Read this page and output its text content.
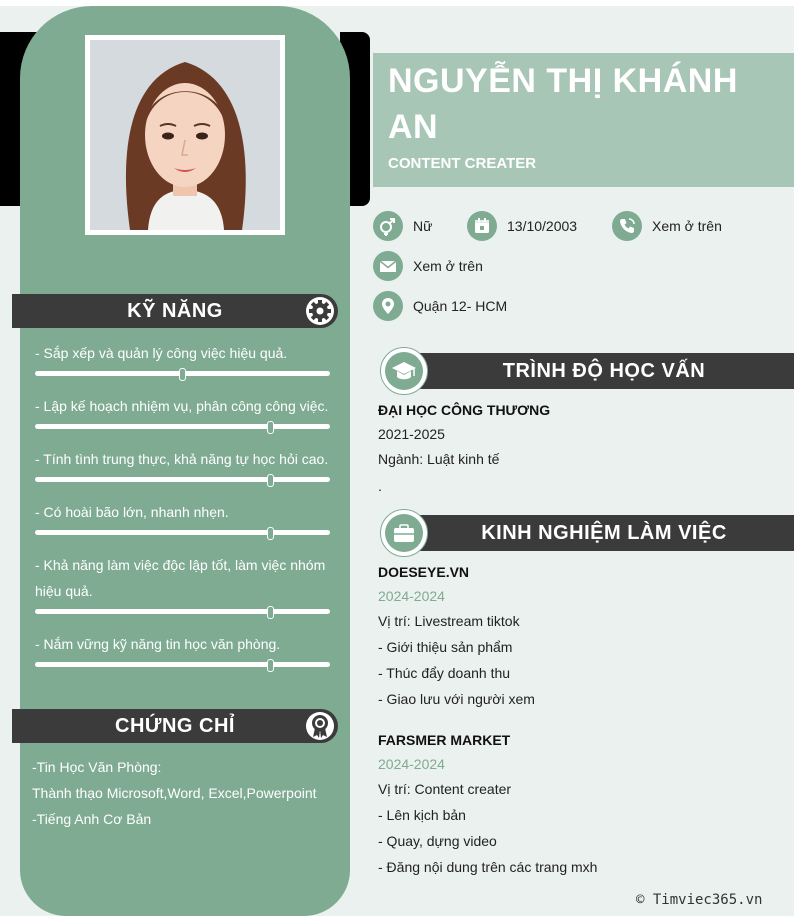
KỸ NĂNG
- Sắp xếp và quản lý công việc hiệu quả.
- Lập kế hoạch nhiệm vụ, phân công công việc.
- Tính tình trung thực, khả năng tự học hỏi cao.
- Có hoài bão lớn, nhanh nhẹn.
- Khả năng làm việc độc lập tốt, làm việc nhóm hiệu quả.
- Nắm vững kỹ năng tin học văn phòng.
CHỨNG CHỈ
-Tin Học Văn Phòng:
Thành thạo Microsoft,Word, Excel,Powerpoint
-Tiếng Anh Cơ Bản
NGUYỄN THỊ KHÁNH AN
CONTENT CREATER
Nữ	13/10/2003	Xem ở trên
Xem ở trên
Quận 12- HCM
TRÌNH ĐỘ HỌC VẤN
ĐẠI HỌC CÔNG THƯƠNG
2021-2025
Ngành: Luật kinh tế
.
KINH NGHIỆM LÀM VIỆC
DOESEYE.VN
2024-2024
Vị trí: Livestream tiktok
- Giới thiệu sản phẩm
- Thúc đẩy doanh thu
- Giao lưu với người xem
FARSMER MARKET
2024-2024
Vị trí: Content creater
- Lên kịch bản
- Quay, dựng video
- Đăng nội dung trên các trang mxh
© Timviec365.vn
